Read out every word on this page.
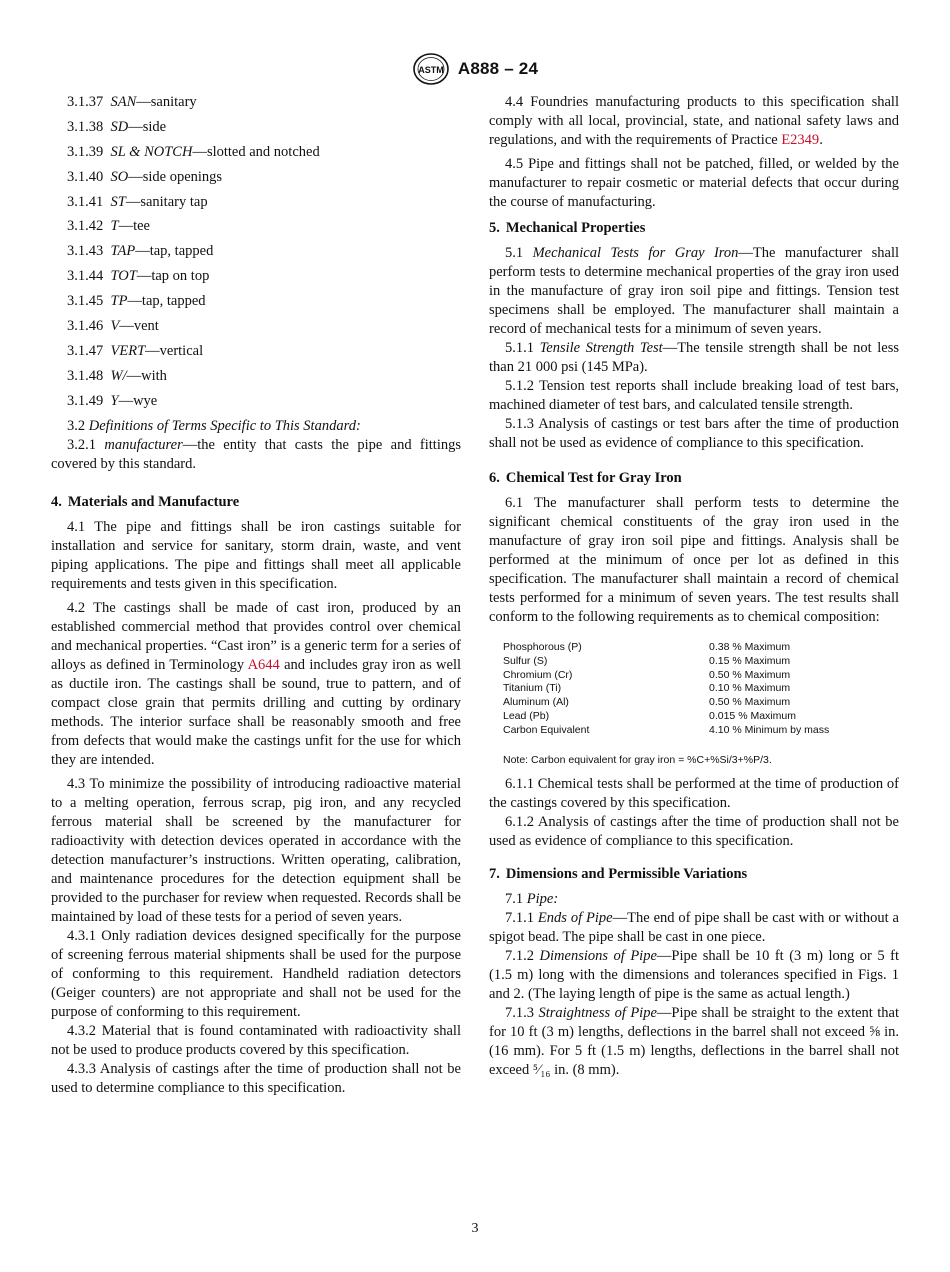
ASTM A888 – 24

3.1.37  SAN—sanitary

3.1.38  SD—side

3.1.39  SL & NOTCH—slotted and notched

3.1.40  SO—side openings

3.1.41  ST—sanitary tap

3.1.42  T—tee

3.1.43  TAP—tap, tapped

3.1.44  TOT—tap on top

3.1.45  TP—tap, tapped

3.1.46  V—vent

3.1.47  VERT—vertical

3.1.48  W/—with

3.1.49  Y—wye

3.2 Definitions of Terms Specific to This Standard:

3.2.1 manufacturer—the entity that casts the pipe and fittings covered by this standard.

4. Materials and Manufacture

4.1 The pipe and fittings shall be iron castings suitable for installation and service for sanitary, storm drain, waste, and vent piping applications. The pipe and fittings shall meet all applicable requirements and tests given in this specification.

4.2 The castings shall be made of cast iron, produced by an established commercial method that provides control over chemical and mechanical properties. “Cast iron” is a generic term for a series of alloys as defined in Terminology A644 and includes gray iron as well as ductile iron. The castings shall be sound, true to pattern, and of compact close grain that permits drilling and cutting by ordinary methods. The interior surface shall be reasonably smooth and free from defects that would make the castings unfit for the use for which they are intended.

4.3 To minimize the possibility of introducing radioactive material to a melting operation, ferrous scrap, pig iron, and any recycled ferrous material shall be screened by the manufacturer for radioactivity with detection devices operated in accordance with the detection manufacturer’s instructions. Written operating, calibration, and maintenance procedures for the detection equipment shall be provided to the purchaser for review when requested. Records shall be maintained by load of these tests for a period of seven years.

4.3.1 Only radiation devices designed specifically for the purpose of screening ferrous material shipments shall be used for the purpose of conforming to this requirement. Handheld radiation detectors (Geiger counters) are not appropriate and shall not be used for the purpose of conforming to this requirement.

4.3.2 Material that is found contaminated with radioactivity shall not be used to produce products covered by this specification.

4.3.3 Analysis of castings after the time of production shall not be used to determine compliance to this specification.

4.4 Foundries manufacturing products to this specification shall comply with all local, provincial, state, and national safety laws and regulations, and with the requirements of Practice E2349.

4.5 Pipe and fittings shall not be patched, filled, or welded by the manufacturer to repair cosmetic or material defects that occur during the course of manufacturing.

5. Mechanical Properties

5.1 Mechanical Tests for Gray Iron—The manufacturer shall perform tests to determine mechanical properties of the gray iron used in the manufacture of gray iron soil pipe and fittings. Tension test specimens shall be employed. The manufacturer shall maintain a record of mechanical tests for a minimum of seven years.

5.1.1 Tensile Strength Test—The tensile strength shall be not less than 21 000 psi (145 MPa).

5.1.2 Tension test reports shall include breaking load of test bars, machined diameter of test bars, and calculated tensile strength.

5.1.3 Analysis of castings or test bars after the time of production shall not be used as evidence of compliance to this specification.

6. Chemical Test for Gray Iron

6.1 The manufacturer shall perform tests to determine the significant chemical constituents of the gray iron used in the manufacture of gray iron soil pipe and fittings. Analysis shall be performed at the minimum of once per lot as defined in this specification. The manufacturer shall maintain a record of chemical tests performed for a minimum of seven years. The test results shall conform to the following requirements as to chemical composition:

Phosphorous (P)	0.38 % Maximum
Sulfur (S)	0.15 % Maximum
Chromium (Cr)	0.50 % Maximum
Titanium (Ti)	0.10 % Maximum
Aluminum (Al)	0.50 % Maximum
Lead (Pb)	0.015 % Maximum
Carbon Equivalent	4.10 % Minimum by mass

Note: Carbon equivalent for gray iron = %C+%Si/3+%P/3.

6.1.1 Chemical tests shall be performed at the time of production of the castings covered by this specification.

6.1.2 Analysis of castings after the time of production shall not be used as evidence of compliance to this specification.

7. Dimensions and Permissible Variations

7.1 Pipe:

7.1.1 Ends of Pipe—The end of pipe shall be cast with or without a spigot bead. The pipe shall be cast in one piece.

7.1.2 Dimensions of Pipe—Pipe shall be 10 ft (3 m) long or 5 ft (1.5 m) long with the dimensions and tolerances specified in Figs. 1 and 2. (The laying length of pipe is the same as actual length.)

7.1.3 Straightness of Pipe—Pipe shall be straight to the extent that for 10 ft (3 m) lengths, deflections in the barrel shall not exceed ⅝ in. (16 mm). For 5 ft (1.5 m) lengths, deflections in the barrel shall not exceed ⁵⁄₁₆ in. (8 mm).

3
